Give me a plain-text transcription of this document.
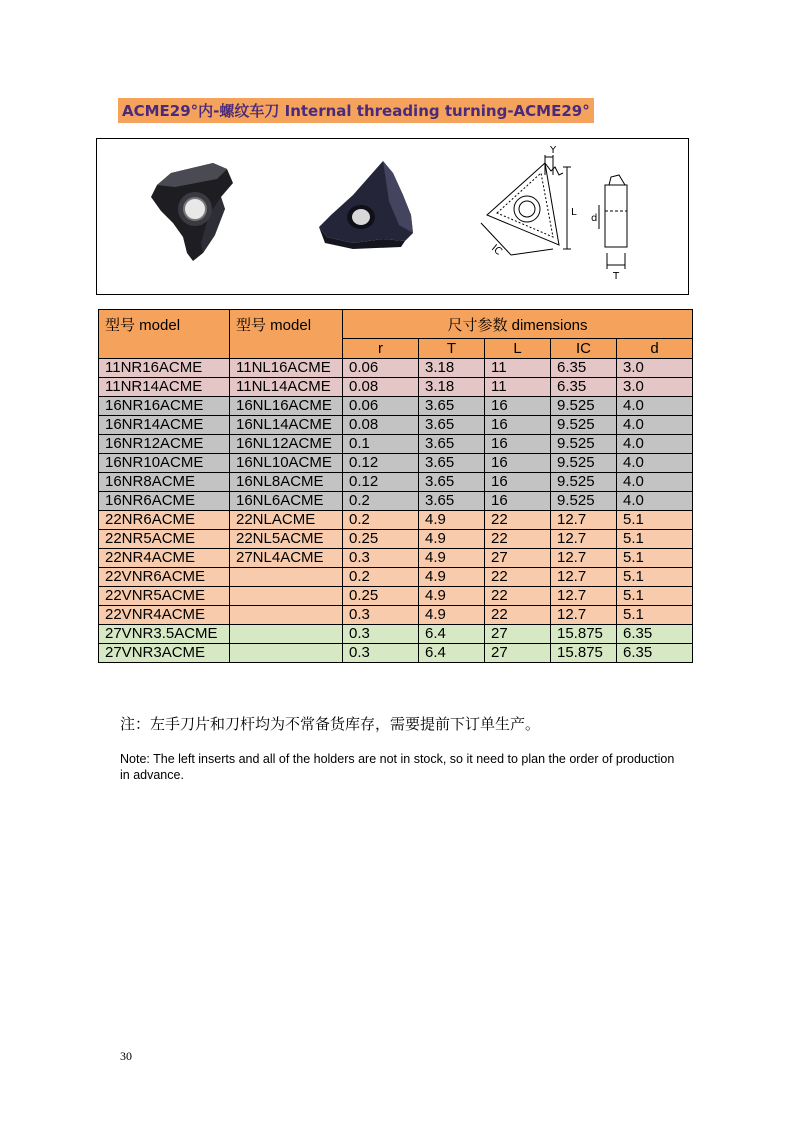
ACME29°内-螺纹车刀 Internal threading turning-ACME29°
Y
L
d
IC
T
型号 model	型号 model	尺寸参数 dimensions				
		r	T	L	IC	d
11NR16ACME	11NL16ACME	0.06	3.18	11	6.35	3.0
11NR14ACME	11NL14ACME	0.08	3.18	11	6.35	3.0
16NR16ACME	16NL16ACME	0.06	3.65	16	9.525	4.0
16NR14ACME	16NL14ACME	0.08	3.65	16	9.525	4.0
16NR12ACME	16NL12ACME	0.1	3.65	16	9.525	4.0
16NR10ACME	16NL10ACME	0.12	3.65	16	9.525	4.0
16NR8ACME	16NL8ACME	0.12	3.65	16	9.525	4.0
16NR6ACME	16NL6ACME	0.2	3.65	16	9.525	4.0
22NR6ACME	22NLACME	0.2	4.9	22	12.7	5.1
22NR5ACME	22NL5ACME	0.25	4.9	22	12.7	5.1
22NR4ACME	27NL4ACME	0.3	4.9	27	12.7	5.1
22VNR6ACME		0.2	4.9	22	12.7	5.1
22VNR5ACME		0.25	4.9	22	12.7	5.1
22VNR4ACME		0.3	4.9	22	12.7	5.1
27VNR3.5ACME		0.3	6.4	27	15.875	6.35
27VNR3ACME		0.3	6.4	27	15.875	6.35
注：左手刀片和刀杆均为不常备货库存，需要提前下订单生产。
Note: The left inserts and all of the holders are not in stock, so it need to plan the order of production in advance.
30
